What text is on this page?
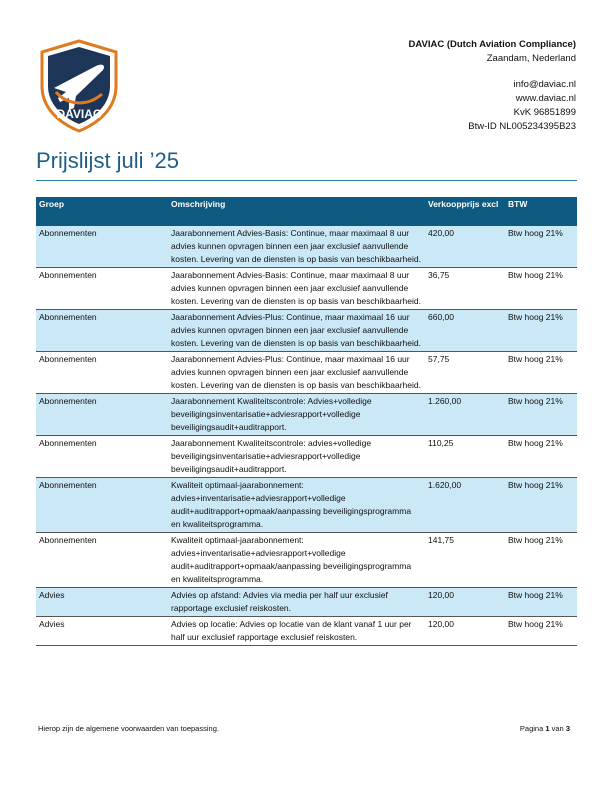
DAVIAC
DAVIAC (Dutch Aviation Compliance)
Zaandam, Nederland
info@daviac.nl
www.daviac.nl
KvK 96851899
Btw-ID NL005234395B23
Prijslijst juli ’25
Groep	Omschrijving	Verkoopprijs excl	BTW
Abonnementen	Jaarabonnement Advies-Basis: Continue, maar maximaal 8 uur advies kunnen opvragen binnen een jaar exclusief aanvullende kosten. Levering van de diensten is op basis van beschikbaarheid.	420,00	Btw hoog 21%
Abonnementen	Jaarabonnement Advies-Basis: Continue, maar maximaal 8 uur advies kunnen opvragen binnen een jaar exclusief aanvullende kosten. Levering van de diensten is op basis van beschikbaarheid.	36,75	Btw hoog 21%
Abonnementen	Jaarabonnement Advies-Plus: Continue, maar maximaal 16 uur advies kunnen opvragen binnen een jaar exclusief aanvullende kosten. Levering van de diensten is op basis van beschikbaarheid.	660,00	Btw hoog 21%
Abonnementen	Jaarabonnement Advies-Plus: Continue, maar maximaal 16 uur advies kunnen opvragen binnen een jaar exclusief aanvullende kosten. Levering van de diensten is op basis van beschikbaarheid.	57,75	Btw hoog 21%
Abonnementen	Jaarabonnement Kwaliteitscontrole: Advies+volledige beveiligingsinventarisatie+adviesrapport+volledige beveiligingsaudit+auditrapport.	1.260,00	Btw hoog 21%
Abonnementen	Jaarabonnement Kwaliteitscontrole: advies+volledige beveiligingsinventarisatie+adviesrapport+volledige beveiligingsaudit+auditrapport.	110,25	Btw hoog 21%
Abonnementen	Kwaliteit optimaal-jaarabonnement: advies+inventarisatie+adviesrapport+volledige audit+auditrapport+opmaak/aanpassing beveiligingsprogramma en kwaliteitsprogramma.	1.620,00	Btw hoog 21%
Abonnementen	Kwaliteit optimaal-jaarabonnement: advies+inventarisatie+adviesrapport+volledige audit+auditrapport+opmaak/aanpassing beveiligingsprogramma en kwaliteitsprogramma.	141,75	Btw hoog 21%
Advies	Advies op afstand: Advies via media per half uur exclusief rapportage exclusief reiskosten.	120,00	Btw hoog 21%
Advies	Advies op locatie: Advies op locatie van de klant vanaf 1 uur per half uur exclusief rapportage exclusief reiskosten.	120,00	Btw hoog 21%
Hierop zijn de algemene voorwaarden van toepassing.	Pagina 1 van 3
